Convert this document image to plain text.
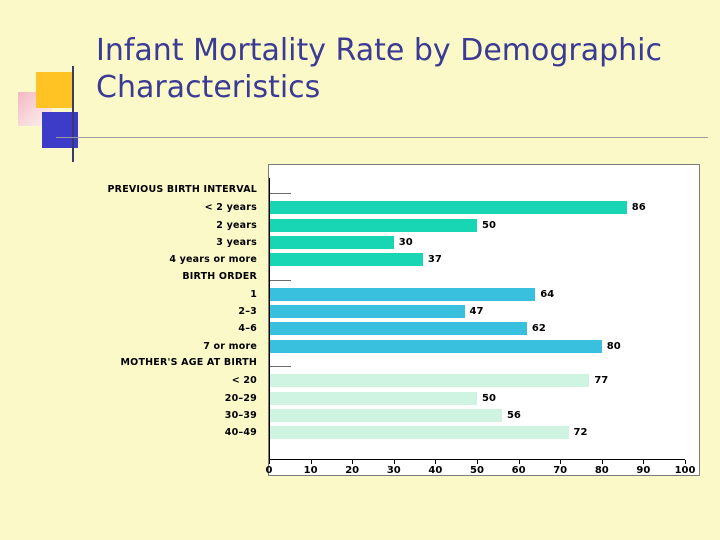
Infant Mortality Rate by Demographic Characteristics
PREVIOUS BIRTH INTERVAL
< 2 years	86
2 years	50
3 years	30
4 years or more	37
BIRTH ORDER
1	64
2–3	47
4–6	62
7 or more	80
MOTHER'S AGE AT BIRTH
< 20	77
20–29	50
30–39	56
40–49	72
0	10	20	30	40	50	60	70	80	90	100
